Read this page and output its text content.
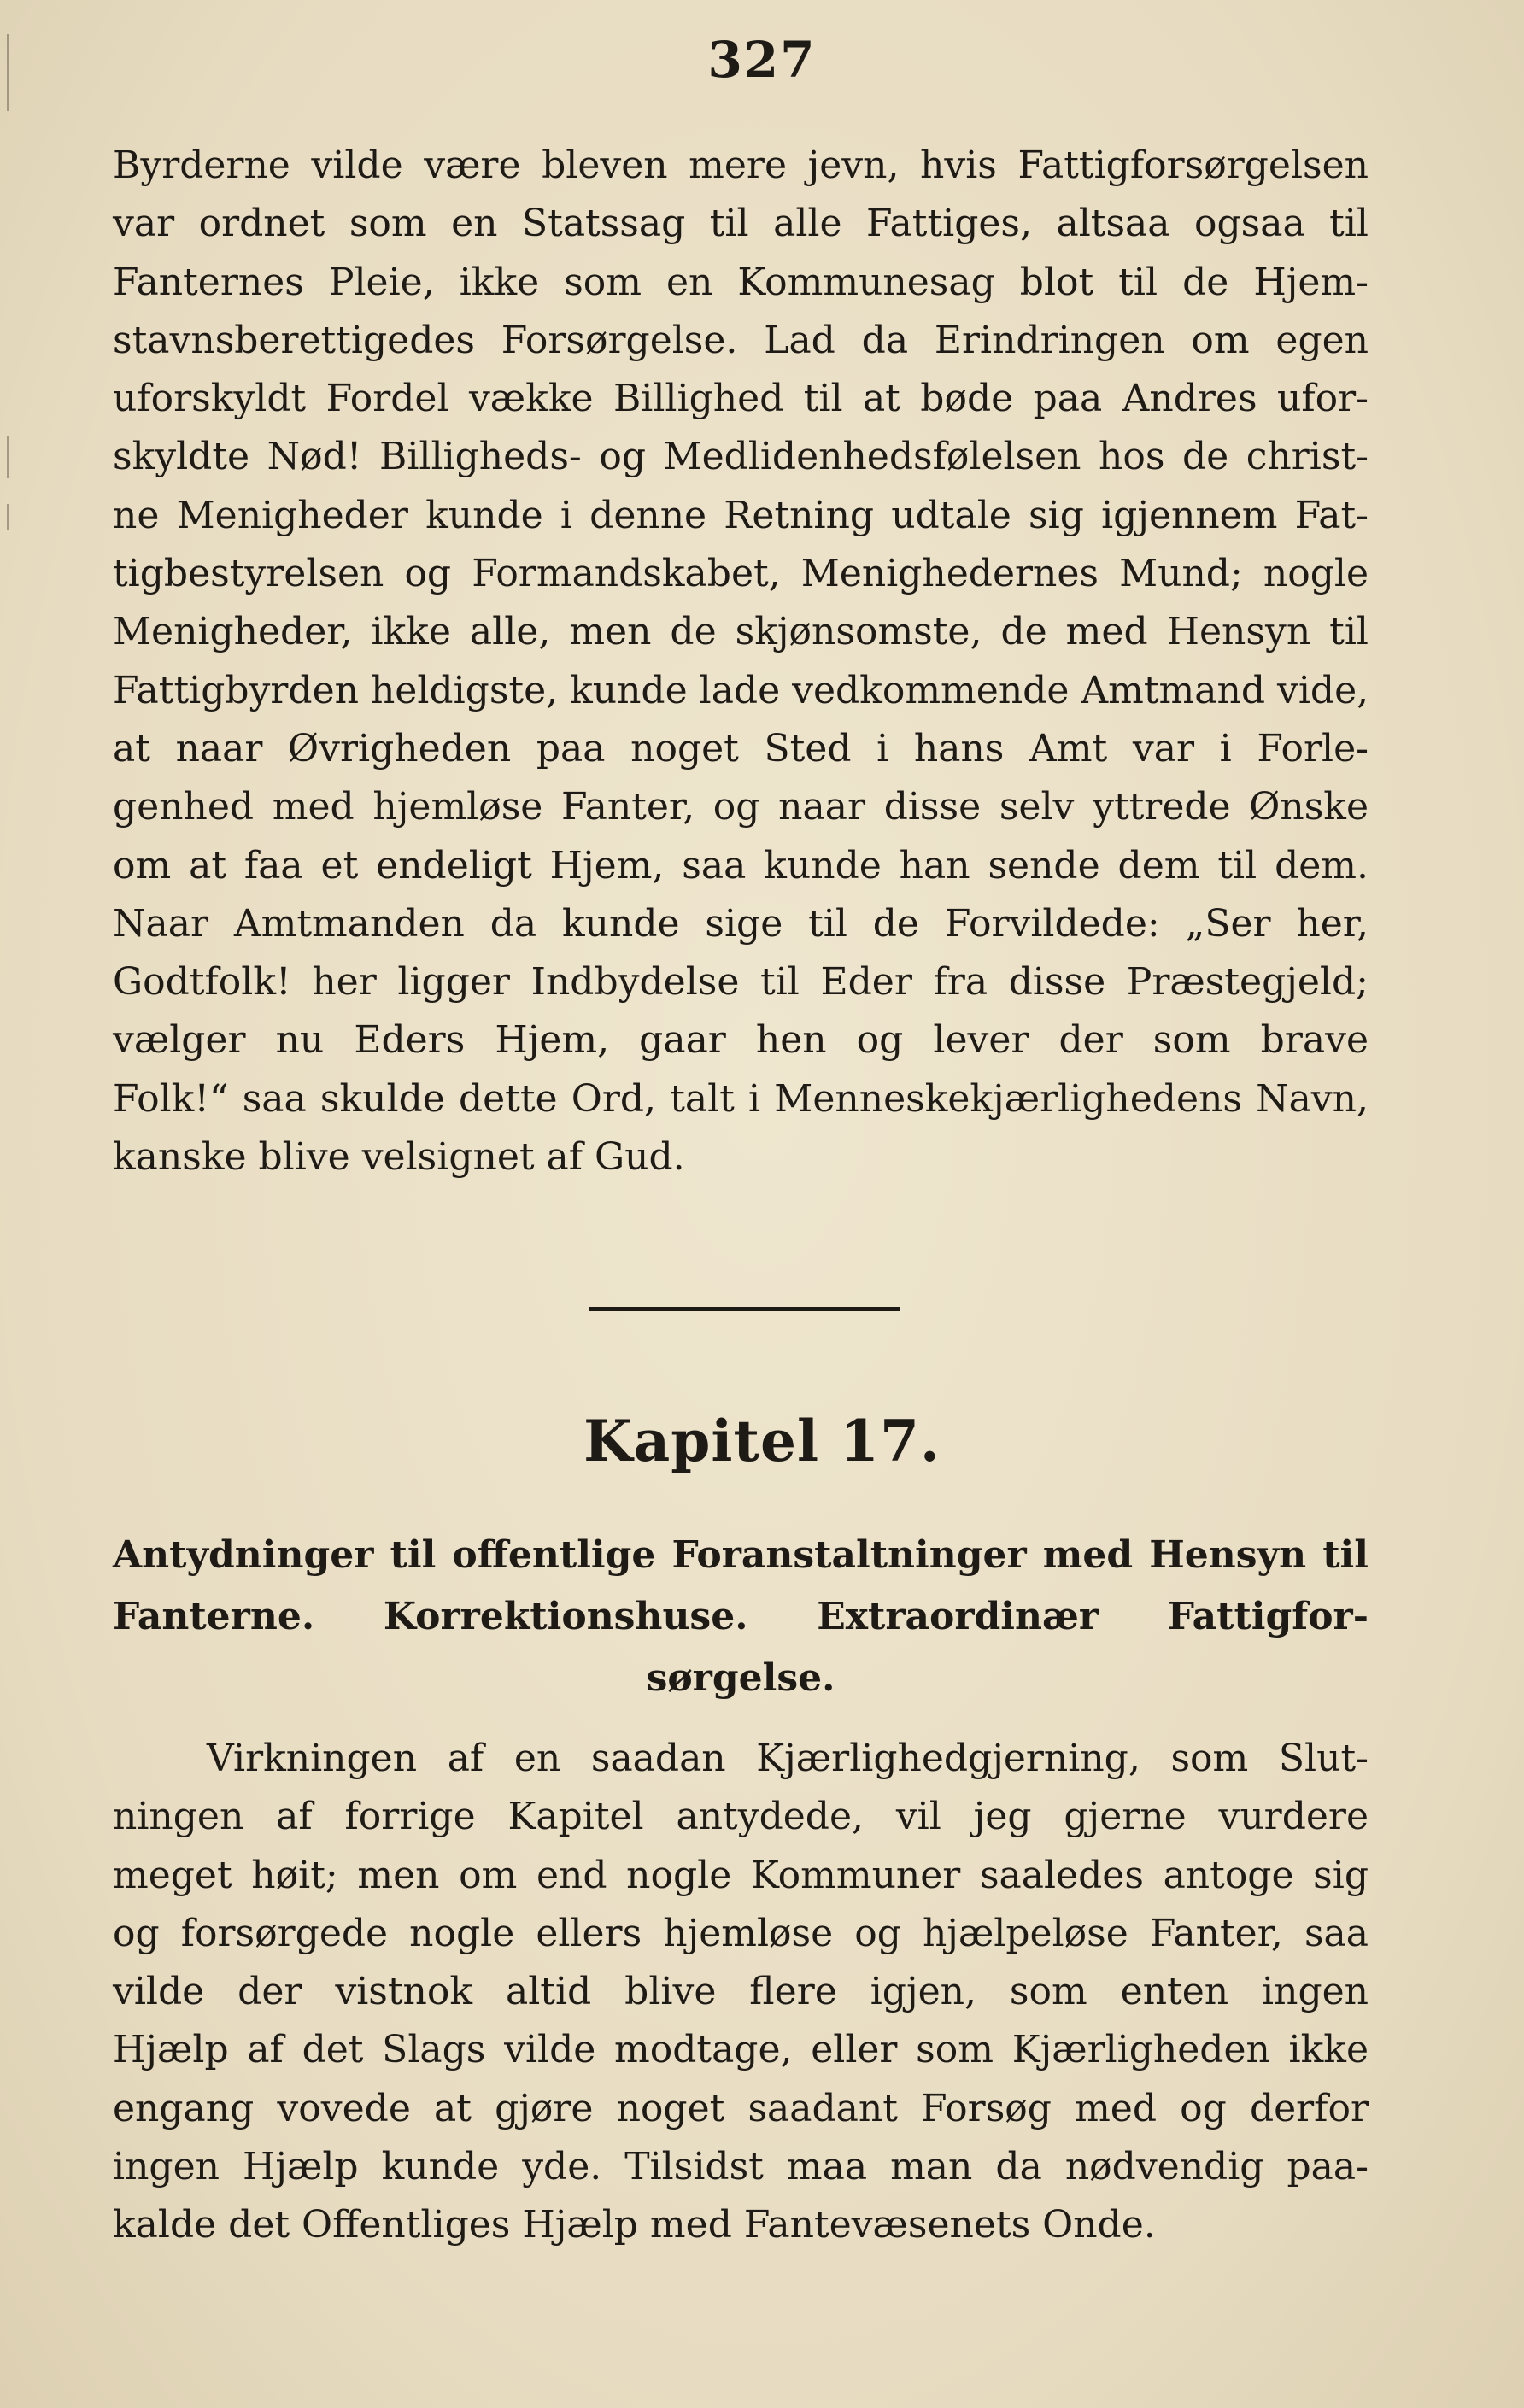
327
Byrderne vilde være bleven mere jevn, hvis Fattigforsørgelsen
var ordnet som en Statssag til alle Fattiges, altsaa ogsaa til
Fanternes Pleie, ikke som en Kommunesag blot til de Hjem-
stavnsberettigedes Forsørgelse. Lad da Erindringen om egen
uforskyldt Fordel vække Billighed til at bøde paa Andres ufor-
skyldte Nød! Billigheds- og Medlidenhedsfølelsen hos de christ-
ne Menigheder kunde i denne Retning udtale sig igjennem Fat-
tigbestyrelsen og Formandskabet, Menighedernes Mund; nogle
Menigheder, ikke alle, men de skjønsomste, de med Hensyn til
Fattigbyrden heldigste, kunde lade vedkommende Amtmand vide,
at naar Øvrigheden paa noget Sted i hans Amt var i Forle-
genhed med hjemløse Fanter, og naar disse selv yttrede Ønske
om at faa et endeligt Hjem, saa kunde han sende dem til dem.
Naar Amtmanden da kunde sige til de Forvildede: „Ser her,
Godtfolk! her ligger Indbydelse til Eder fra disse Præstegjeld;
vælger nu Eders Hjem, gaar hen og lever der som brave
Folk!“ saa skulde dette Ord, talt i Menneskekjærlighedens Navn,
kanske blive velsignet af Gud.
Kapitel 17.
Antydninger til offentlige Foranstaltninger med Hensyn til
Fanterne. Korrektionshuse. Extraordinær Fattigfor-
sørgelse.
Virkningen af en saadan Kjærlighedgjerning, som Slut-
ningen af forrige Kapitel antydede, vil jeg gjerne vurdere
meget høit; men om end nogle Kommuner saaledes antoge sig
og forsørgede nogle ellers hjemløse og hjælpeløse Fanter, saa
vilde der vistnok altid blive flere igjen, som enten ingen
Hjælp af det Slags vilde modtage, eller som Kjærligheden ikke
engang vovede at gjøre noget saadant Forsøg med og derfor
ingen Hjælp kunde yde. Tilsidst maa man da nødvendig paa-
kalde det Offentliges Hjælp med Fantevæsenets Onde.
